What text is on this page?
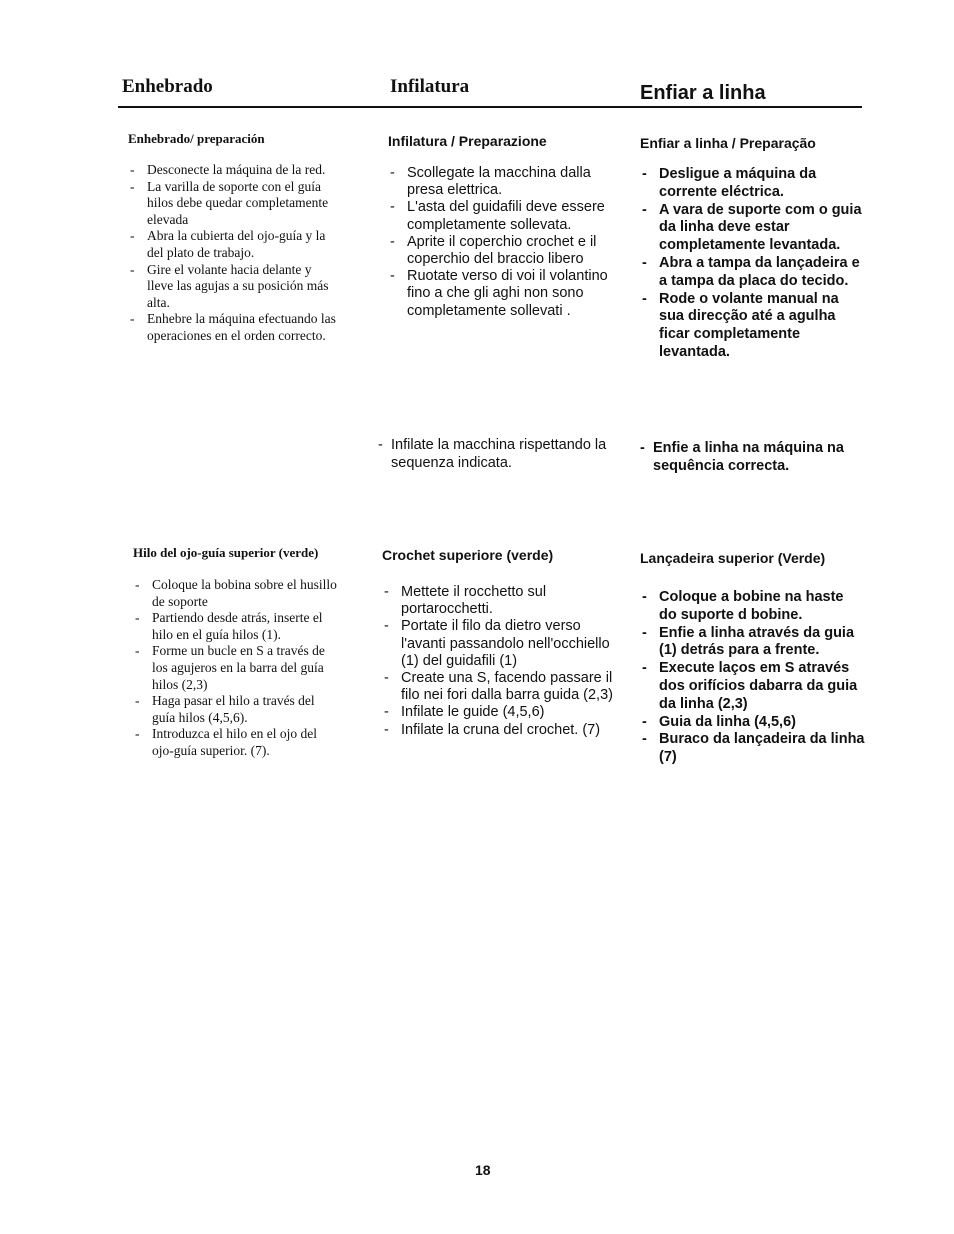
Enhebrado	Infilatura	Enfiar a linha

Enhebrado/ preparación

- Desconecte la máquina de la red.
- La varilla de soporte con el guía hilos debe quedar completamente elevada
- Abra la cubierta del ojo-guía y la del plato de trabajo.
- Gire el volante hacia delante y lleve las agujas a su posición más alta.
- Enhebre la máquina efectuando las operaciones en el orden correcto.

Infilatura / Preparazione

- Scollegate la macchina dalla presa elettrica.
- L'asta del guidafili deve essere completamente sollevata.
- Aprite il coperchio crochet e il coperchio del braccio libero
- Ruotate verso di voi il volantino fino a che gli aghi non sono completamente sollevati .

- Infilate la macchina rispettando la sequenza indicata.

Enfiar a linha / Preparação

- Desligue a máquina da corrente eléctrica.
- A vara de suporte com o guia da linha deve estar completamente levantada.
- Abra a tampa da lançadeira e a tampa da placa do tecido.
- Rode o volante manual na sua direcção até a agulha ficar completamente levantada.

- Enfie a linha na máquina na sequência correcta.

Hilo del ojo-guía superior (verde)

- Coloque la bobina sobre el husillo de soporte
- Partiendo desde atrás, inserte el hilo en el guía hilos (1).
- Forme un bucle en S a través de los agujeros en la barra del guía hilos (2,3)
- Haga pasar el hilo a través del guía hilos (4,5,6).
- Introduzca el hilo en el ojo del ojo-guía superior. (7).

Crochet superiore (verde)

- Mettete il rocchetto sul portarocchetti.
- Portate il filo da dietro verso l'avanti passandolo nell'occhiello (1) del guidafili (1)
- Create una S, facendo passare il filo nei fori dalla barra guida (2,3)
- Infilate le guide (4,5,6)
- Infilate la cruna del crochet. (7)

Lançadeira superior (Verde)

- Coloque a bobine na haste do suporte d bobine.
- Enfie a linha através da guia (1) detrás para a frente.
- Execute laços em S através dos orifícios dabarra da guia da linha (2,3)
- Guia da linha (4,5,6)
- Buraco da lançadeira da linha (7)
18
